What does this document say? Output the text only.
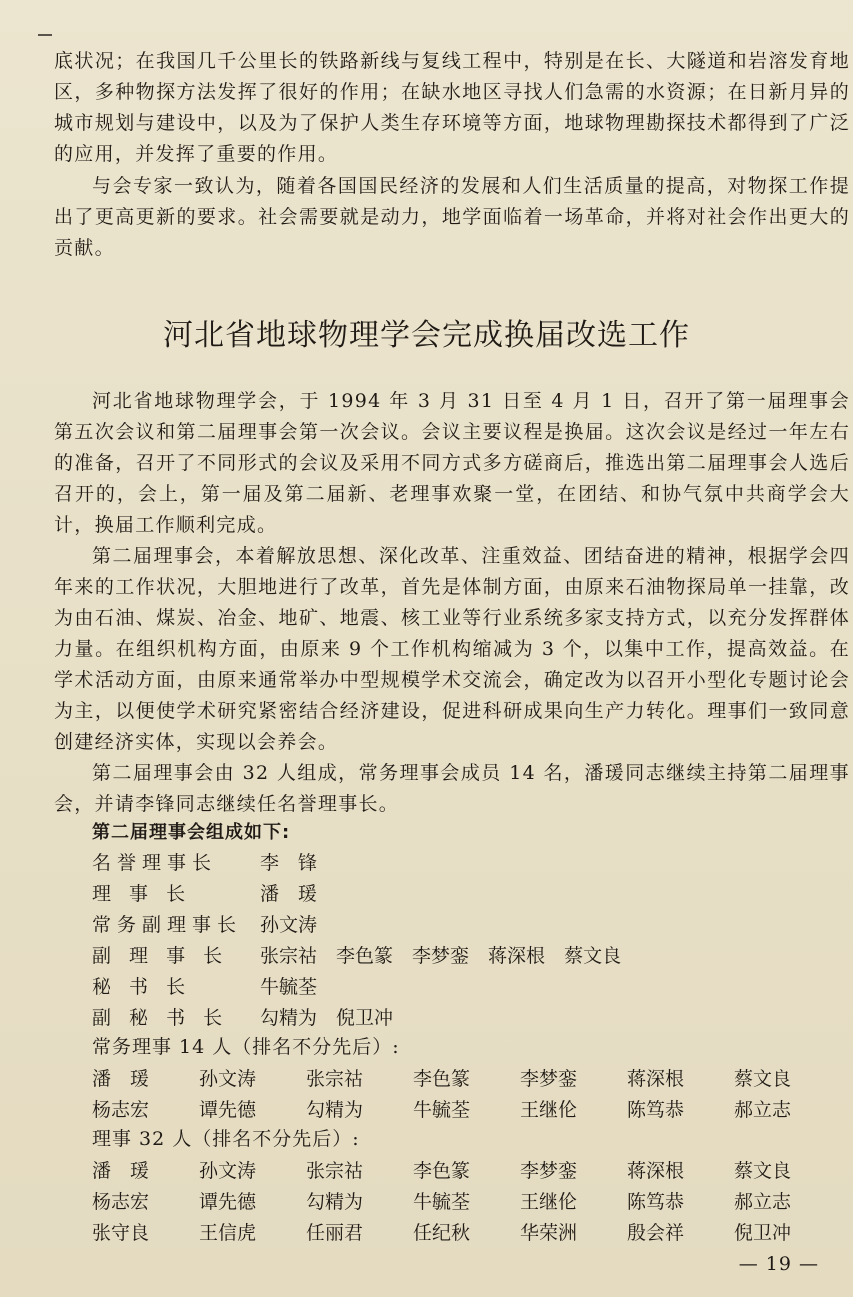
底状况；在我国几千公里长的铁路新线与复线工程中，特别是在长、大隧道和岩溶发育地区，多种物探方法发挥了很好的作用；在缺水地区寻找人们急需的水资源；在日新月异的城市规划与建设中，以及为了保护人类生存环境等方面，地球物理勘探技术都得到了广泛的应用，并发挥了重要的作用。

与会专家一致认为，随着各国国民经济的发展和人们生活质量的提高，对物探工作提出了更高更新的要求。社会需要就是动力，地学面临着一场革命，并将对社会作出更大的贡献。

河北省地球物理学会完成换届改选工作

河北省地球物理学会，于 1994 年 3 月 31 日至 4 月 1 日，召开了第一届理事会第五次会议和第二届理事会第一次会议。会议主要议程是换届。这次会议是经过一年左右的准备，召开了不同形式的会议及采用不同方式多方磋商后，推选出第二届理事会人选后召开的，会上，第一届及第二届新、老理事欢聚一堂，在团结、和协气氛中共商学会大计，换届工作顺利完成。

第二届理事会，本着解放思想、深化改革、注重效益、团结奋进的精神，根据学会四年来的工作状况，大胆地进行了改革，首先是体制方面，由原来石油物探局单一挂靠，改为由石油、煤炭、冶金、地矿、地震、核工业等行业系统多家支持方式，以充分发挥群体力量。在组织机构方面，由原来 9 个工作机构缩减为 3 个，以集中工作，提高效益。在学术活动方面，由原来通常举办中型规模学术交流会，确定改为以召开小型化专题讨论会为主，以便使学术研究紧密结合经济建设，促进科研成果向生产力转化。理事们一致同意创建经济实体，实现以会养会。

第二届理事会由 32 人组成，常务理事会成员 14 名，潘瑗同志继续主持第二届理事会，并请李锋同志继续任名誉理事长。

第二届理事会组成如下:
名誉理事长	李　锋
理 事 长	潘　瑗
常务副理事长 孙文涛
副 理 事 长	张宗祜 李色篆 李梦銮 蒋深根 蔡文良
秘 书 长	牛毓荃
副 秘 书 长	勾精为 倪卫冲
常务理事 14 人（排名不分先后）:
潘　瑗	孙文涛	张宗祜	李色篆	李梦銮	蒋深根	蔡文良
杨志宏	谭先德	勾精为	牛毓荃	王继伦	陈笃恭	郝立志
理事 32 人（排名不分先后）:
潘　瑗	孙文涛	张宗祜	李色篆	李梦銮	蒋深根	蔡文良
杨志宏	谭先德	勾精为	牛毓荃	王继伦	陈笃恭	郝立志
张守良	王信虎	任丽君	任纪秋	华荣洲	殷会祥	倪卫冲
— 19 —
